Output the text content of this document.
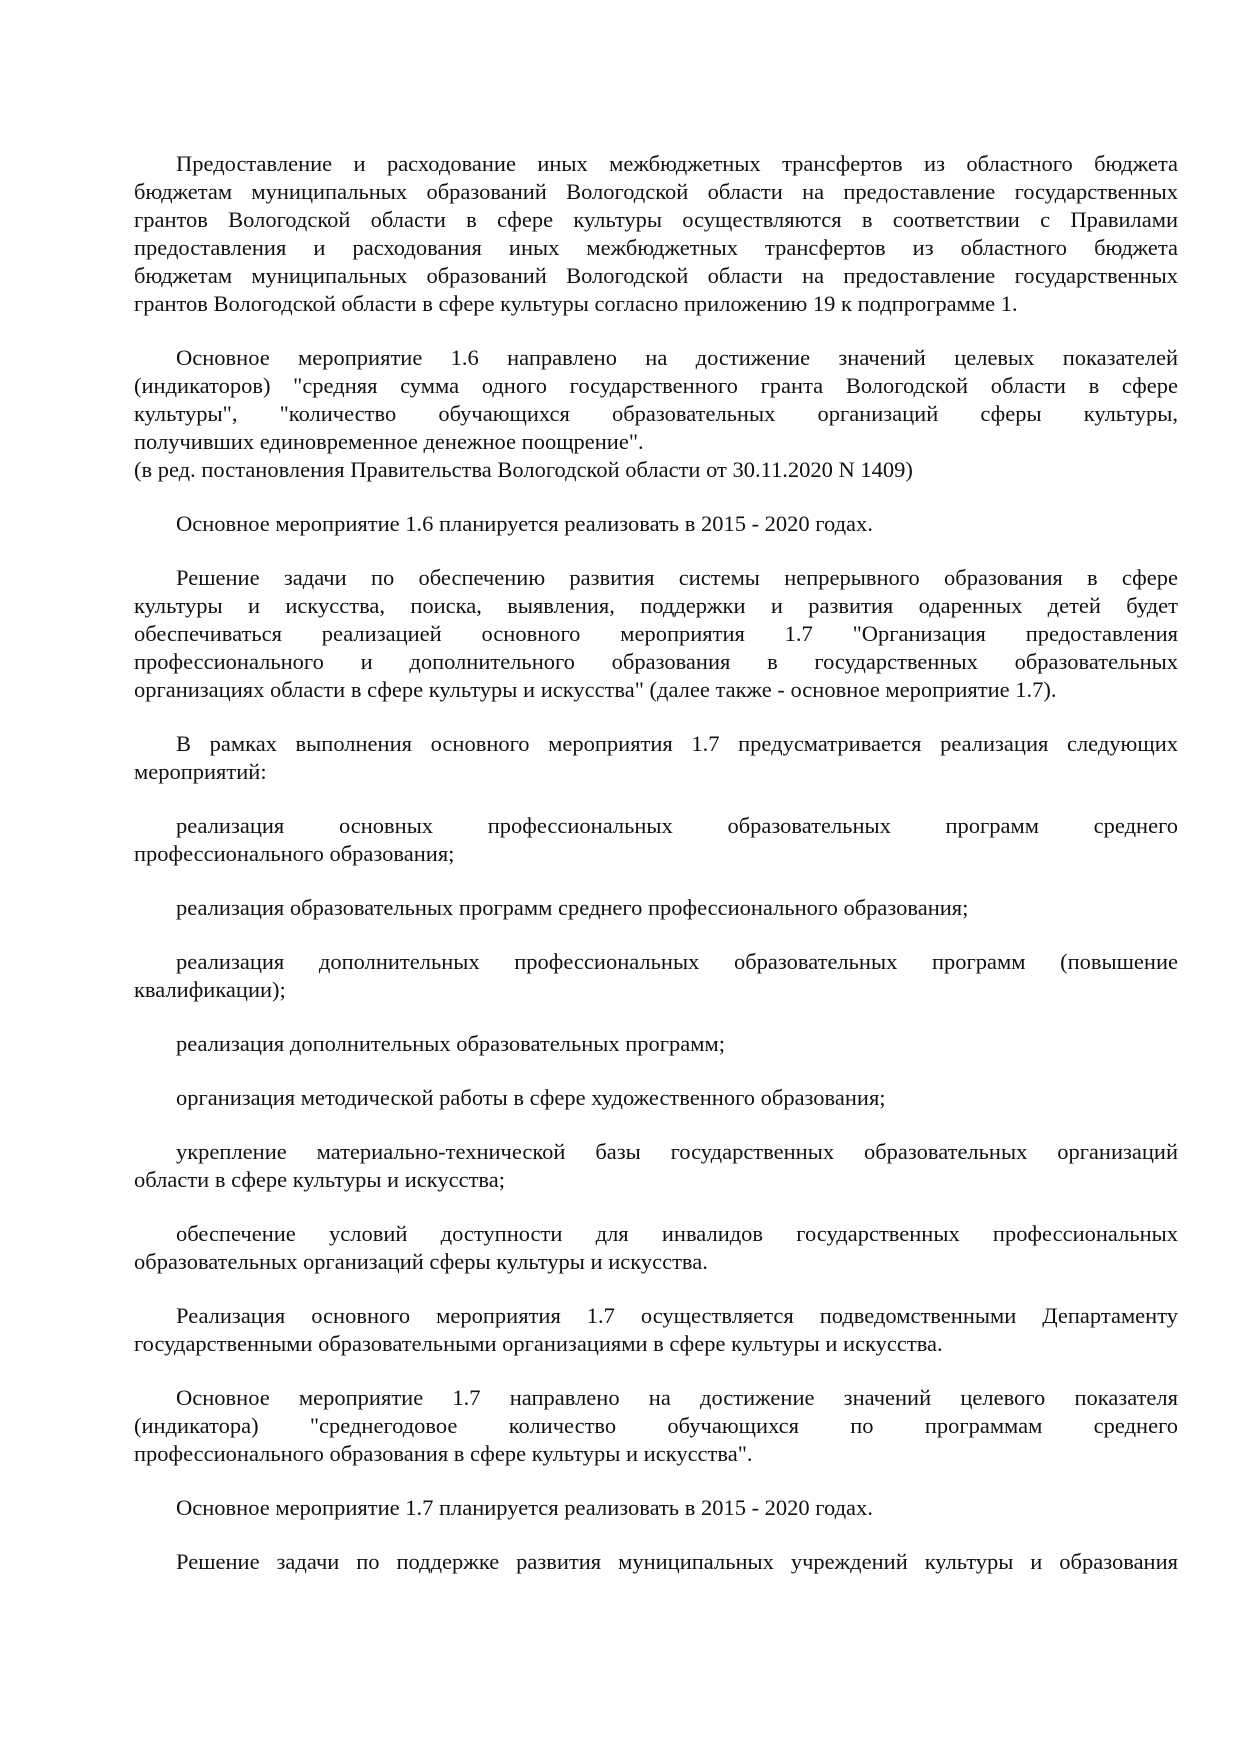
Предоставление и расходование иных межбюджетных трансфертов из областного бюджета
бюджетам муниципальных образований Вологодской области на предоставление государственных
грантов Вологодской области в сфере культуры осуществляются в соответствии с Правилами
предоставления и расходования иных межбюджетных трансфертов из областного бюджета
бюджетам муниципальных образований Вологодской области на предоставление государственных
грантов Вологодской области в сфере культуры согласно приложению 19 к подпрограмме 1.
Основное мероприятие 1.6 направлено на достижение значений целевых показателей
(индикаторов) "средняя сумма одного государственного гранта Вологодской области в сфере
культуры", "количество обучающихся образовательных организаций сферы культуры,
получивших единовременное денежное поощрение".
(в ред. постановления Правительства Вологодской области от 30.11.2020 N 1409)
Основное мероприятие 1.6 планируется реализовать в 2015 - 2020 годах.
Решение задачи по обеспечению развития системы непрерывного образования в сфере
культуры и искусства, поиска, выявления, поддержки и развития одаренных детей будет
обеспечиваться реализацией основного мероприятия 1.7 "Организация предоставления
профессионального и дополнительного образования в государственных образовательных
организациях области в сфере культуры и искусства" (далее также - основное мероприятие 1.7).
В рамках выполнения основного мероприятия 1.7 предусматривается реализация следующих
мероприятий:
реализация основных профессиональных образовательных программ среднего
профессионального образования;
реализация образовательных программ среднего профессионального образования;
реализация дополнительных профессиональных образовательных программ (повышение
квалификации);
реализация дополнительных образовательных программ;
организация методической работы в сфере художественного образования;
укрепление материально-технической базы государственных образовательных организаций
области в сфере культуры и искусства;
обеспечение условий доступности для инвалидов государственных профессиональных
образовательных организаций сферы культуры и искусства.
Реализация основного мероприятия 1.7 осуществляется подведомственными Департаменту
государственными образовательными организациями в сфере культуры и искусства.
Основное мероприятие 1.7 направлено на достижение значений целевого показателя
(индикатора) "среднегодовое количество обучающихся по программам среднего
профессионального образования в сфере культуры и искусства".
Основное мероприятие 1.7 планируется реализовать в 2015 - 2020 годах.
Решение задачи по поддержке развития муниципальных учреждений культуры и образования
